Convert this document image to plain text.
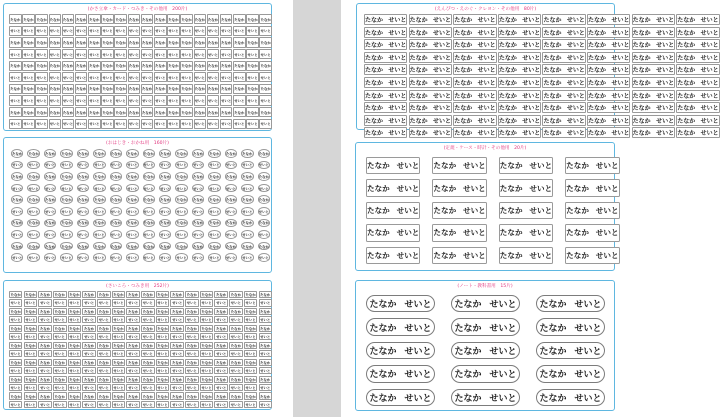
(かさ立傘・カード・つみき・その他用　200片)
たなか たなか たなか たなか たなか たなか たなか たなか たなか たなか たなか たなか たなか たなか たなか たなか たなか たなか たなか たなか
せいと せいと せいと せいと せいと せいと せいと せいと せいと せいと せいと せいと せいと せいと せいと せいと せいと せいと せいと せいと
たなか たなか たなか たなか たなか たなか たなか たなか たなか たなか たなか たなか たなか たなか たなか たなか たなか たなか たなか たなか
せいと せいと せいと せいと せいと せいと せいと せいと せいと せいと せいと せいと せいと せいと せいと せいと せいと せいと せいと せいと
たなか たなか たなか たなか たなか たなか たなか たなか たなか たなか たなか たなか たなか たなか たなか たなか たなか たなか たなか たなか
せいと せいと せいと せいと せいと せいと せいと せいと せいと せいと せいと せいと せいと せいと せいと せいと せいと せいと せいと せいと
たなか たなか たなか たなか たなか たなか たなか たなか たなか たなか たなか たなか たなか たなか たなか たなか たなか たなか たなか たなか
せいと せいと せいと せいと せいと せいと せいと せいと せいと せいと せいと せいと せいと せいと せいと せいと せいと せいと せいと せいと
たなか たなか たなか たなか たなか たなか たなか たなか たなか たなか たなか たなか たなか たなか たなか たなか たなか たなか たなか たなか
せいと せいと せいと せいと せいと せいと せいと せいと せいと せいと せいと せいと せいと せいと せいと せいと せいと せいと せいと せいと
(おはじき・おかね用　160片)
たなか	たなか	たなか	たなか	たなか	たなか	たなか	たなか	たなか	たなか	たなか	たなか	たなか	たなか	たなか	たなか
せいと	せいと	せいと	せいと	せいと	せいと	せいと	せいと	せいと	せいと	せいと	せいと	せいと	せいと	せいと	せいと
たなか	たなか	たなか	たなか	たなか	たなか	たなか	たなか	たなか	たなか	たなか	たなか	たなか	たなか	たなか	たなか
せいと	せいと	せいと	せいと	せいと	せいと	せいと	せいと	せいと	せいと	せいと	せいと	せいと	せいと	せいと	せいと
たなか	たなか	たなか	たなか	たなか	たなか	たなか	たなか	たなか	たなか	たなか	たなか	たなか	たなか	たなか	たなか
せいと	せいと	せいと	せいと	せいと	せいと	せいと	せいと	せいと	せいと	せいと	せいと	せいと	せいと	せいと	せいと
たなか	たなか	たなか	たなか	たなか	たなか	たなか	たなか	たなか	たなか	たなか	たなか	たなか	たなか	たなか	たなか
せいと	せいと	せいと	せいと	せいと	せいと	せいと	せいと	せいと	せいと	せいと	せいと	せいと	せいと	せいと	せいと
たなか	たなか	たなか	たなか	たなか	たなか	たなか	たなか	たなか	たなか	たなか	たなか	たなか	たなか	たなか	たなか
せいと	せいと	せいと	せいと	せいと	せいと	せいと	せいと	せいと	せいと	せいと	せいと	せいと	せいと	せいと	せいと
(さいころ・つみき用　252片)
たなか	たなか	たなか	たなか	たなか	たなか	たなか	たなか	たなか	たなか	たなか	たなか	たなか	たなか	たなか	たなか	たなか	たなか
せいと	せいと	せいと	せいと	せいと	せいと	せいと	せいと	せいと	せいと	せいと	せいと	せいと	せいと	せいと	せいと	せいと	せいと
たなか	たなか	たなか	たなか	たなか	たなか	たなか	たなか	たなか	たなか	たなか	たなか	たなか	たなか	たなか	たなか	たなか	たなか
せいと	せいと	せいと	せいと	せいと	せいと	せいと	せいと	せいと	せいと	せいと	せいと	せいと	せいと	せいと	せいと	せいと	せいと
たなか	たなか	たなか	たなか	たなか	たなか	たなか	たなか	たなか	たなか	たなか	たなか	たなか	たなか	たなか	たなか	たなか	たなか
せいと	せいと	せいと	せいと	せいと	せいと	せいと	せいと	せいと	せいと	せいと	せいと	せいと	せいと	せいと	せいと	せいと	せいと
たなか	たなか	たなか	たなか	たなか	たなか	たなか	たなか	たなか	たなか	たなか	たなか	たなか	たなか	たなか	たなか	たなか	たなか
せいと	せいと	せいと	せいと	せいと	せいと	せいと	せいと	せいと	せいと	せいと	せいと	せいと	せいと	せいと	せいと	せいと	せいと
たなか	たなか	たなか	たなか	たなか	たなか	たなか	たなか	たなか	たなか	たなか	たなか	たなか	たなか	たなか	たなか	たなか	たなか
せいと	せいと	せいと	せいと	せいと	せいと	せいと	せいと	せいと	せいと	せいと	せいと	せいと	せいと	せいと	せいと	せいと	せいと
たなか	たなか	たなか	たなか	たなか	たなか	たなか	たなか	たなか	たなか	たなか	たなか	たなか	たなか	たなか	たなか	たなか	たなか
せいと	せいと	せいと	せいと	せいと	せいと	せいと	せいと	せいと	せいと	せいと	せいと	せいと	せいと	せいと	せいと	せいと	せいと
たなか	たなか	たなか	たなか	たなか	たなか	たなか	たなか	たなか	たなか	たなか	たなか	たなか	たなか	たなか	たなか	たなか	たなか
せいと	せいと	せいと	せいと	せいと	せいと	せいと	せいと	せいと	せいと	せいと	せいと	せいと	せいと	せいと	せいと	せいと	せいと
(えんぴつ・えのぐ・クレヨン・その他用　80片)
たなか せいと たなか せいと たなか せいと たなか せいと たなか せいと たなか せいと たなか せいと たなか せいと
たなか せいと たなか せいと たなか せいと たなか せいと たなか せいと たなか せいと たなか せいと たなか せいと
たなか せいと たなか せいと たなか せいと たなか せいと たなか せいと たなか せいと たなか せいと たなか せいと
たなか せいと たなか せいと たなか せいと たなか せいと たなか せいと たなか せいと たなか せいと たなか せいと
たなか せいと たなか せいと たなか せいと たなか せいと たなか せいと たなか せいと たなか せいと たなか せいと
たなか せいと たなか せいと たなか せいと たなか せいと たなか せいと たなか せいと たなか せいと たなか せいと
たなか せいと たなか せいと たなか せいと たなか せいと たなか せいと たなか せいと たなか せいと たなか せいと
たなか せいと たなか せいと たなか せいと たなか せいと たなか せいと たなか せいと たなか せいと たなか せいと
たなか せいと たなか せいと たなか せいと たなか せいと たなか せいと たなか せいと たなか せいと たなか せいと
たなか せいと たなか せいと たなか せいと たなか せいと たなか せいと たなか せいと たなか せいと たなか せいと
(定規・ケース・時計・その他用　20片)
たなか せいと たなか せいと たなか せいと たなか せいと
たなか せいと たなか せいと たなか せいと たなか せいと
たなか せいと たなか せいと たなか せいと たなか せいと
たなか せいと たなか せいと たなか せいと たなか せいと
たなか せいと たなか せいと たなか せいと たなか せいと
(ノート・教科書用　15片)
たなか せいと	たなか せいと	たなか せいと
たなか せいと	たなか せいと	たなか せいと
たなか せいと	たなか せいと	たなか せいと
たなか せいと	たなか せいと	たなか せいと
たなか せいと	たなか せいと	たなか せいと
